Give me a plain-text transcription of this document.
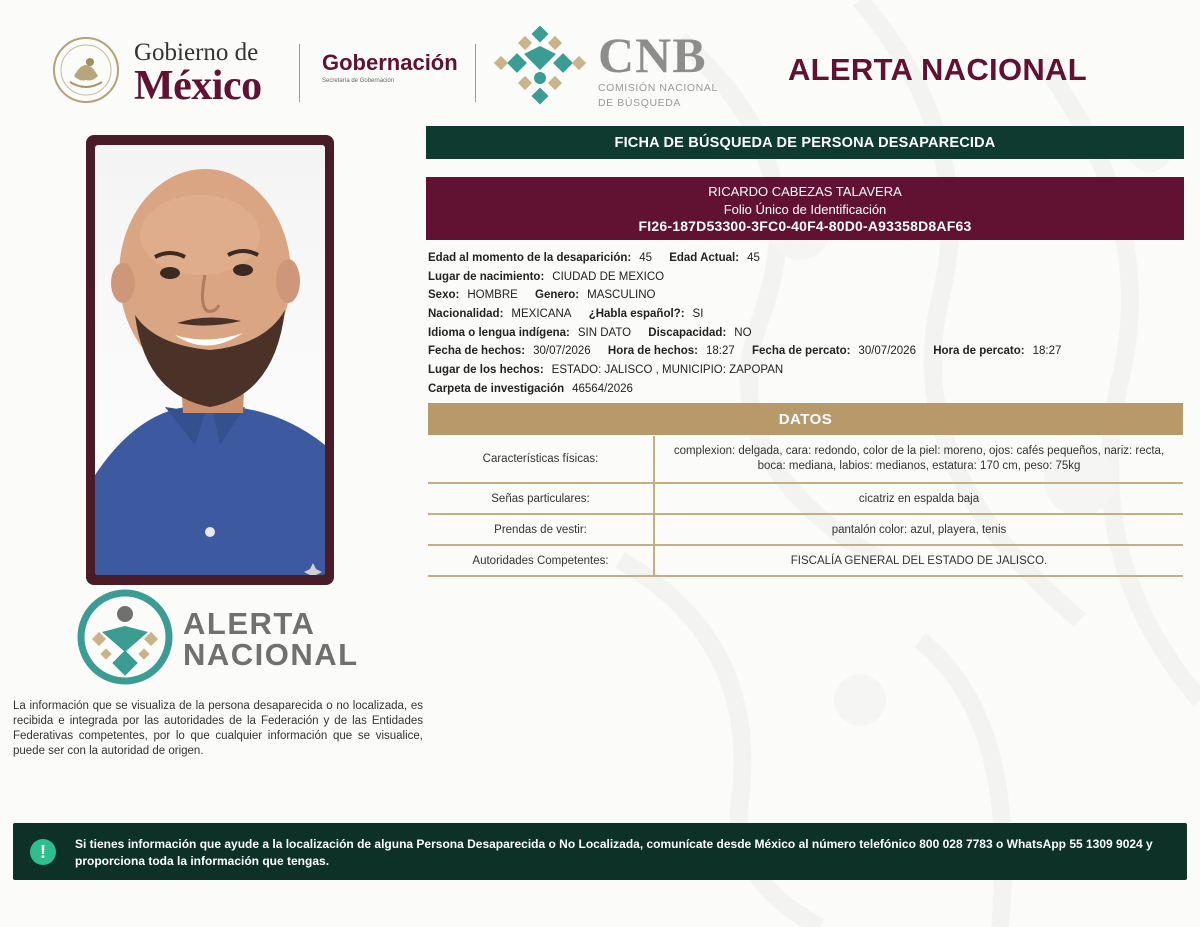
Gobierno de
México
Gobernación
Secretaría de Gobernación	CNB
COMISIÓN NACIONAL
DE BÚSQUEDA
ALERTA NACIONAL
ALERTA
NACIONAL
La información que se visualiza de la persona desaparecida o no localizada, es recibida e integrada por las autoridades de la Federación y de las Entidades Federativas competentes, por lo que cualquier información que se visualice, puede ser con la autoridad de origen.
FICHA DE BÚSQUEDA DE PERSONA DESAPARECIDA
RICARDO CABEZAS TALAVERA
Folio Único de Identificación
FI26-187D53300-3FC0-40F4-80D0-A93358D8AF63
Edad al momento de la desaparición: 45 Edad Actual: 45
Lugar de nacimiento: CIUDAD DE MEXICO
Sexo: HOMBRE Genero: MASCULINO
Nacionalidad: MEXICANA ¿Habla español?: SI
Idioma o lengua indígena: SIN DATO Discapacidad: NO
Fecha de hechos: 30/07/2026 Hora de hechos: 18:27 Fecha de percato: 30/07/2026 Hora de percato: 18:27
Lugar de los hechos: ESTADO: JALISCO , MUNICIPIO: ZAPOPAN
Carpeta de investigación 46564/2026
DATOS
Características físicas:	complexion: delgada, cara: redondo, color de la piel: moreno, ojos: cafés pequeños, nariz: recta, boca: mediana, labios: medianos, estatura: 170 cm, peso: 75kg
Señas particulares:	cicatriz en espalda baja
Prendas de vestir:	pantalón color: azul, playera, tenis
Autoridades Competentes:	FISCALÍA GENERAL DEL ESTADO DE JALISCO.
!	Si tienes información que ayude a la localización de alguna Persona Desaparecida o No Localizada, comunícate desde México al número telefónico 800 028 7783 o WhatsApp 55 1309 9024 y proporciona toda la información que tengas.
